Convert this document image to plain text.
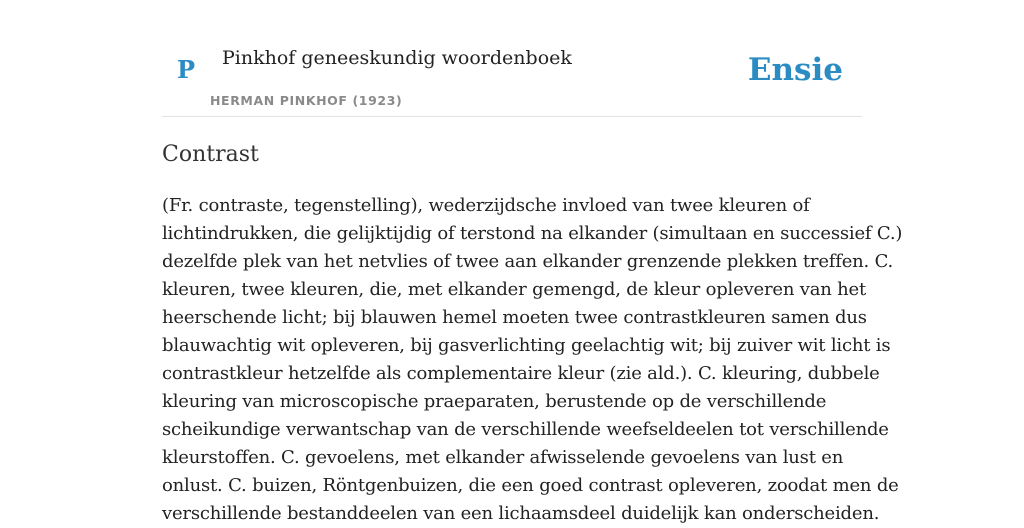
P Pinkhof geneeskundig woordenboek
HERMAN PINKHOF (1923)
Ensie
Contrast
(Fr. contraste, tegenstelling), wederzijdsche invloed van twee kleuren of
lichtindrukken, die gelijktijdig of terstond na elkander (simultaan en successief C.)
dezelfde plek van het netvlies of twee aan elkander grenzende plekken treffen. C.
kleuren, twee kleuren, die, met elkander gemengd, de kleur opleveren van het
heerschende licht; bij blauwen hemel moeten twee contrastkleuren samen dus
blauwachtig wit opleveren, bij gasverlichting geelachtig wit; bij zuiver wit licht is
contrastkleur hetzelfde als complementaire kleur (zie ald.). C. kleuring, dubbele
kleuring van microscopische praeparaten, berustende op de verschillende
scheikundige verwantschap van de verschillende weefseldeelen tot verschillende
kleurstoffen. C. gevoelens, met elkander afwisselende gevoelens van lust en
onlust. C. buizen, Röntgenbuizen, die een goed contrast opleveren, zoodat men de
verschillende bestanddeelen van een lichaamsdeel duidelijk kan onderscheiden.
